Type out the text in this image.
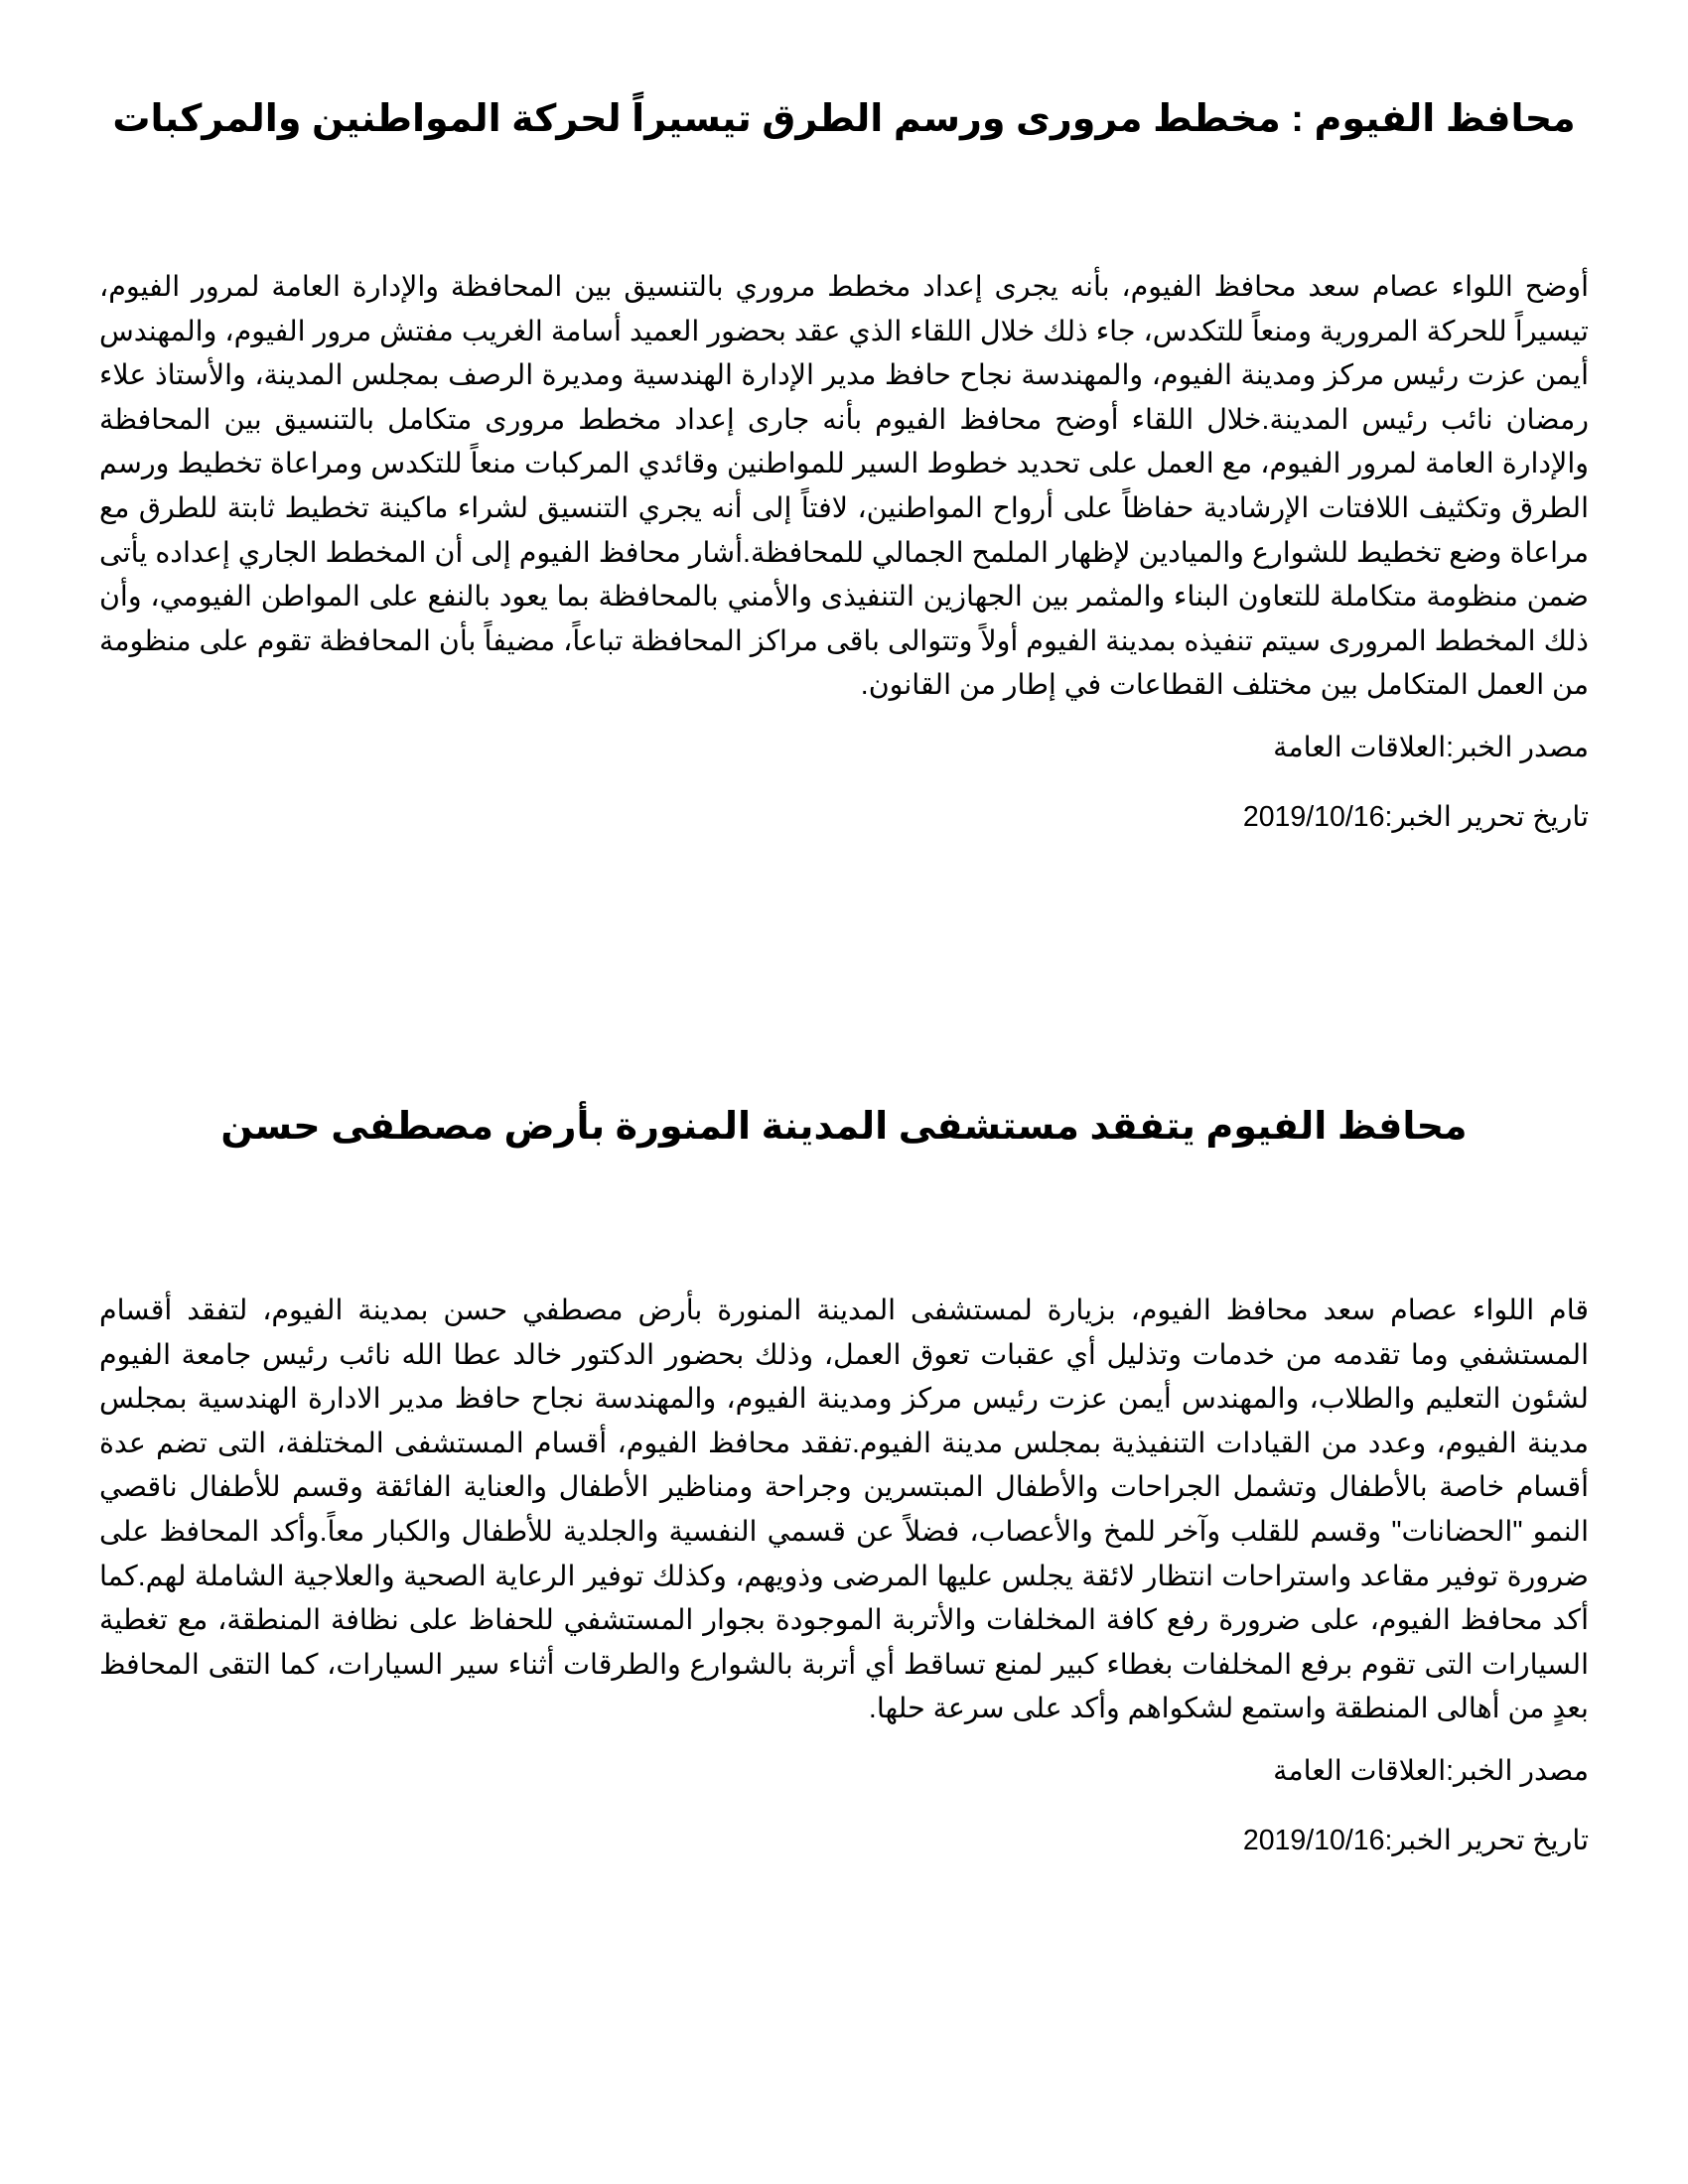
محافظ الفيوم : مخطط مرورى ورسم الطرق تيسيراً لحركة المواطنين والمركبات

أوضح اللواء عصام سعد محافظ الفيوم، بأنه يجرى إعداد مخطط مروري بالتنسيق بين المحافظة والإدارة العامة لمرور الفيوم، تيسيراً للحركة المرورية ومنعاً للتكدس، جاء ذلك خلال اللقاء الذي عقد بحضور العميد أسامة الغريب مفتش مرور الفيوم، والمهندس أيمن عزت رئيس مركز ومدينة الفيوم، والمهندسة نجاح حافظ مدير الإدارة الهندسية ومديرة الرصف بمجلس المدينة، والأستاذ علاء رمضان نائب رئيس المدينة.خلال اللقاء أوضح محافظ الفيوم بأنه جارى إعداد مخطط مرورى متكامل بالتنسيق بين المحافظة والإدارة العامة لمرور الفيوم، مع العمل على تحديد خطوط السير للمواطنين وقائدي المركبات منعاً للتكدس ومراعاة تخطيط ورسم الطرق وتكثيف اللافتات الإرشادية حفاظاً على أرواح المواطنين، لافتاً إلى أنه يجري التنسيق لشراء ماكينة تخطيط ثابتة للطرق مع مراعاة وضع تخطيط للشوارع والميادين لإظهار الملمح الجمالي للمحافظة.أشار محافظ الفيوم إلى أن المخطط الجاري إعداده يأتى ضمن منظومة متكاملة للتعاون البناء والمثمر بين الجهازين التنفيذى والأمني بالمحافظة بما يعود بالنفع على المواطن الفيومي، وأن ذلك المخطط المرورى سيتم تنفيذه بمدينة الفيوم أولاً وتتوالى باقى مراكز المحافظة تباعاً، مضيفاً بأن المحافظة تقوم على منظومة من العمل المتكامل بين مختلف القطاعات في إطار من القانون.

مصدر الخبر:العلاقات العامة

تاريخ تحرير الخبر:2019/10/16

محافظ الفيوم يتفقد مستشفى المدينة المنورة بأرض مصطفى حسن

قام اللواء عصام سعد محافظ الفيوم، بزيارة لمستشفى المدينة المنورة بأرض مصطفي حسن بمدينة الفيوم، لتفقد أقسام المستشفي وما تقدمه من خدمات وتذليل أي عقبات تعوق العمل، وذلك بحضور الدكتور خالد عطا الله نائب رئيس جامعة الفيوم لشئون التعليم والطلاب، والمهندس أيمن عزت رئيس مركز ومدينة الفيوم، والمهندسة نجاح حافظ مدير الادارة الهندسية بمجلس مدينة الفيوم، وعدد من القيادات التنفيذية بمجلس مدينة الفيوم.تفقد محافظ الفيوم، أقسام المستشفى المختلفة، التى تضم عدة أقسام خاصة بالأطفال وتشمل الجراحات والأطفال المبتسرين وجراحة ومناظير الأطفال والعناية الفائقة وقسم للأطفال ناقصي النمو "الحضانات" وقسم للقلب وآخر للمخ والأعصاب، فضلاً عن قسمي النفسية والجلدية للأطفال والكبار معاً.وأكد المحافظ على ضرورة توفير مقاعد واستراحات انتظار لائقة يجلس عليها المرضى وذويهم، وكذلك توفير الرعاية الصحية والعلاجية الشاملة لهم.كما أكد محافظ الفيوم، على ضرورة رفع كافة المخلفات والأتربة الموجودة بجوار المستشفي للحفاظ على نظافة المنطقة، مع تغطية السيارات التى تقوم برفع المخلفات بغطاء كبير لمنع تساقط أي أتربة بالشوارع والطرقات أثناء سير السيارات، كما التقى المحافظ بعدٍ من أهالى المنطقة واستمع لشكواهم وأكد على سرعة حلها.

مصدر الخبر:العلاقات العامة

تاريخ تحرير الخبر:2019/10/16
